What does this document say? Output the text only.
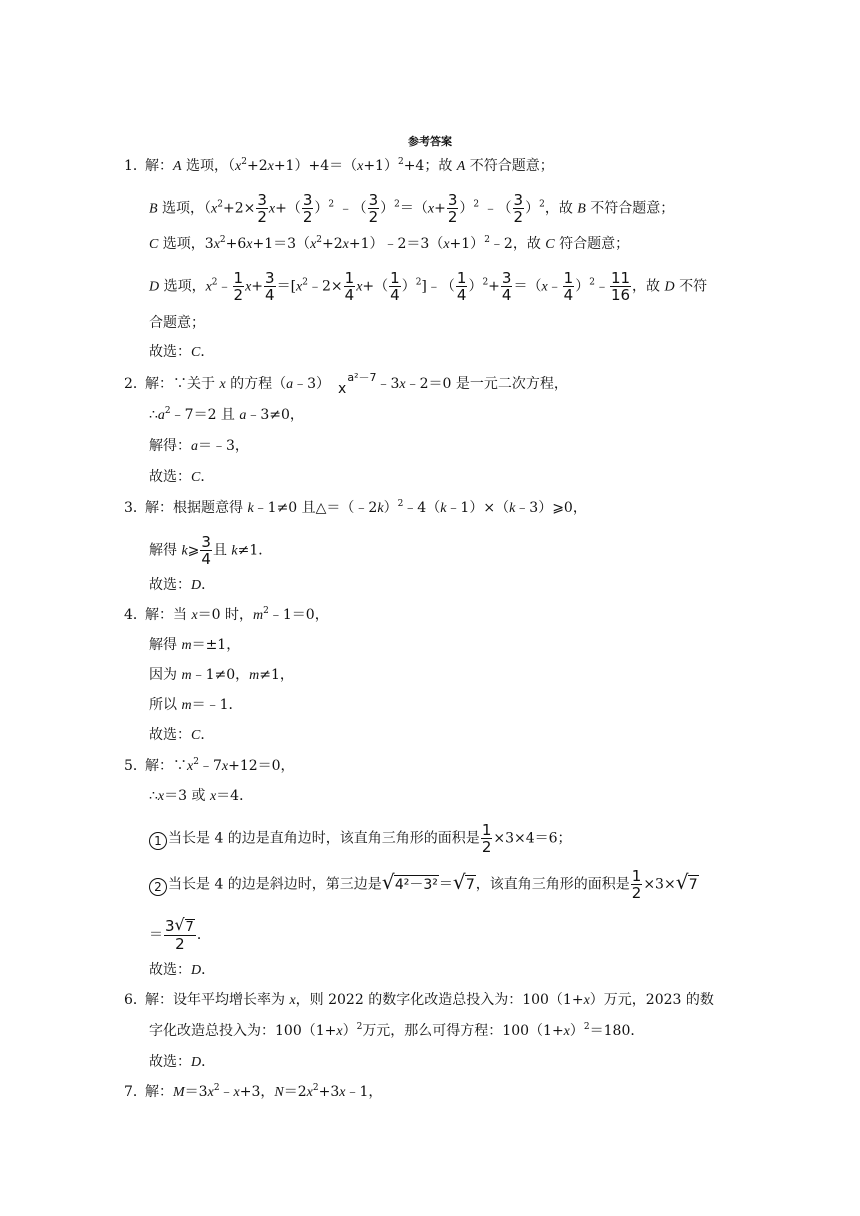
参考答案
1．
解：A 选项，$(x^2+2x+1)+4=(x+1)^2+4$；故 A 不符合题意；
B 选项，（$x^2+2\times \frac{3}{2} x+( \frac{3}{2} )^2$ ﹣（ $\frac{3}{2} )^2=(x+ \frac{3}{2} )^2$ ﹣（ $\frac{3}{2} )^2$，故 B 不符合题意；
C 选项，$3x^2+6x+1=3(x^2+2x+1)﹣2=3(x+1)^2﹣2$，故 C 符合题意；
D 选项，$x^2﹣ \frac{1}{2} x+ \frac{3}{4}$ $=[x^2﹣2\times \frac{1}{4} x+( \frac{1}{4}$ ）$^2]﹣( \frac{1}{4} )^2+ \frac{3}{4}$ ＝（x﹣ $\frac{1}{4}$ ）$^2$﹣ $\frac{11}{16}$ ，故 D 不符
合题意；
故选：C．
2．
解：∵关于 x 的方程（a﹣3） $x^{a^2-7}﹣3x﹣2=0$ 是一元二次方程，
$\therefore a^2﹣7=2$ 且 a﹣3≠0，
解得：a＝﹣3，
故选：C．
3．
解：根据题意得 k﹣1≠0 且△＝（﹣2k）$^2$﹣4（k﹣1）×（k﹣3）⩾0，
解得 k⩾ $\frac{3}{4}$ 且 k≠1．
故选：D．
4．
解：当 x＝0 时，$m^2﹣1=0$，
解得 m＝±1，
因为 m﹣1≠0，m≠1，
所以 m＝﹣1．
故选：C．
5．
解：$\because x^2﹣7x+12=0$，
∴x＝3 或 x＝4．
1 当长是 4 的边是直角边时，该直角三角形的面积是 $\frac{1}{2} \times 3\times 4=6$；
2 当长是 4 的边是斜边时，第三边是 √ 4²－3²＝ √ 7，该直角三角形的面积是 $\frac{1}{2} \times 3\times$ √ 7
＝ $\frac{3 √ 7}{2}$ ．
故选：D．
6．
解：设年平均增长率为 x，则 2022 的数字化改造总投入为：100（1+x）万元，2023 的数
字化改造总投入为：$100(1+x)^2$万元，那么可得方程：$100(1+x)^2=180$．
故选：D．
7．
解：$M=3x^2﹣x+3$，$N=2x^2+3x﹣1$，
